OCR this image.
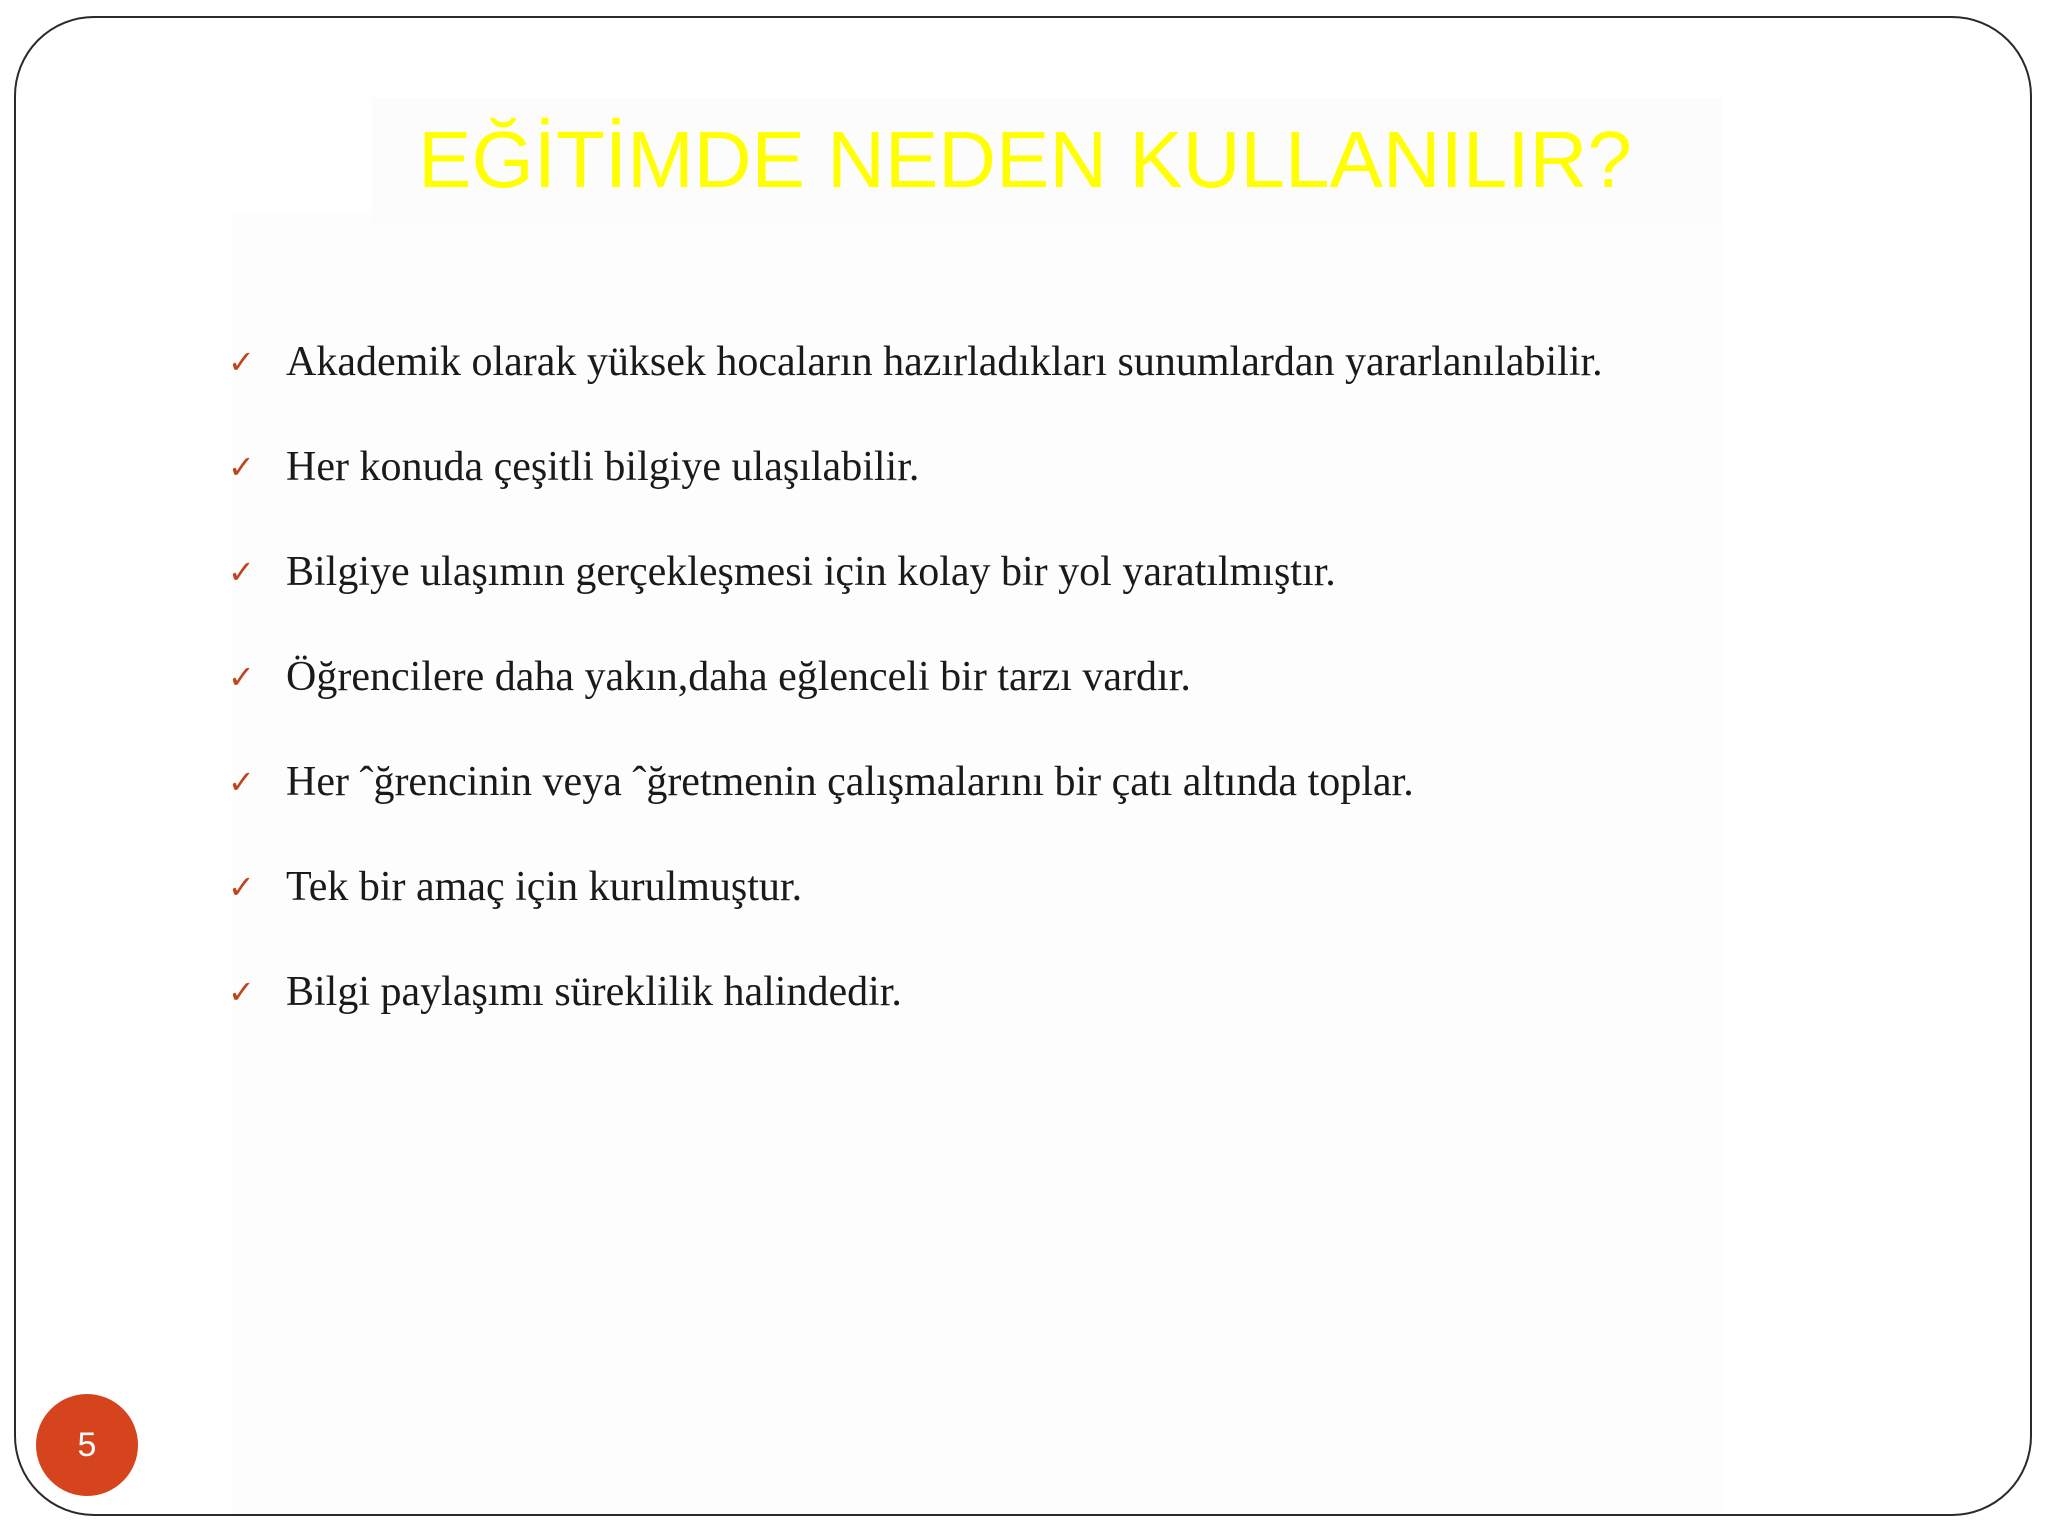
EĞİTİMDE NEDEN KULLANILIR?
✓ Akademik olarak yüksek hocaların hazırladıkları sunumlardan yararlanılabilir.
✓ Her konuda çeşitli bilgiye ulaşılabilir.
✓ Bilgiye ulaşımın gerçekleşmesi için kolay bir yol yaratılmıştır.
✓ Öğrencilere daha yakın,daha eğlenceli bir tarzı vardır.
✓ Her ˆğrencinin veya ˆğretmenin çalışmalarını bir çatı altında toplar.
✓ Tek bir amaç için kurulmuştur.
✓ Bilgi paylaşımı süreklilik halindedir.
5
